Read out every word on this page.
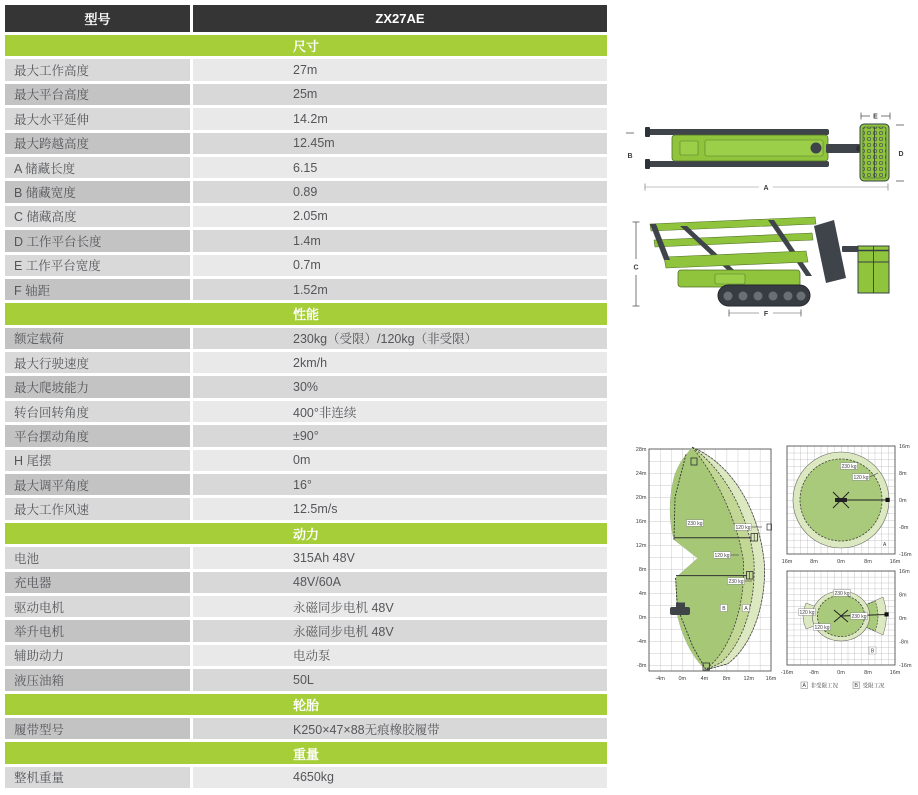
型号	ZX27AE
尺寸
最大工作高度	27m
最大平台高度	25m
最大水平延伸	14.2m
最大跨越高度	12.45m
A 储藏长度	6.15
B 储藏宽度	0.89
C 储藏高度	2.05m
D 工作平台长度	1.4m
E 工作平台宽度	0.7m
F 轴距	1.52m
性能
额定载荷	230kg（受限）/120kg（非受限）
最大行驶速度	2km/h
最大爬坡能力	30%
转台回转角度	400°非连续
平台摆动角度	±90°
H 尾摆	0m
最大调平角度	16°
最大工作风速	12.5m/s
动力
电池	315Ah 48V
充电器	48V/60A
驱动电机	永磁同步电机 48V
举升电机	永磁同步电机 48V
辅助动力	电动泵
液压油箱	50L
轮胎
履带型号	K250×47×88无痕橡胶履带
重量
整机重量	4650kg
E
D
B
A
C
F
230 kg
120 kg
120 kg
230 kg
B	A
28m
24m
20m
16m
12m
8m
4m
0m
-4m
-8m
-4m 0m	4m	8m 12m 16m
230 kg
120 kg
A
16m
8m
0m
-8m
-16m
16m	8m	0m	8m	16m
230 kg
120 kg
230 kg
120 kg
B
16m
8m
0m
-8m
-16m
-16m	-8m	0m	8m	16m
A 非受限工况	B 受限工况
